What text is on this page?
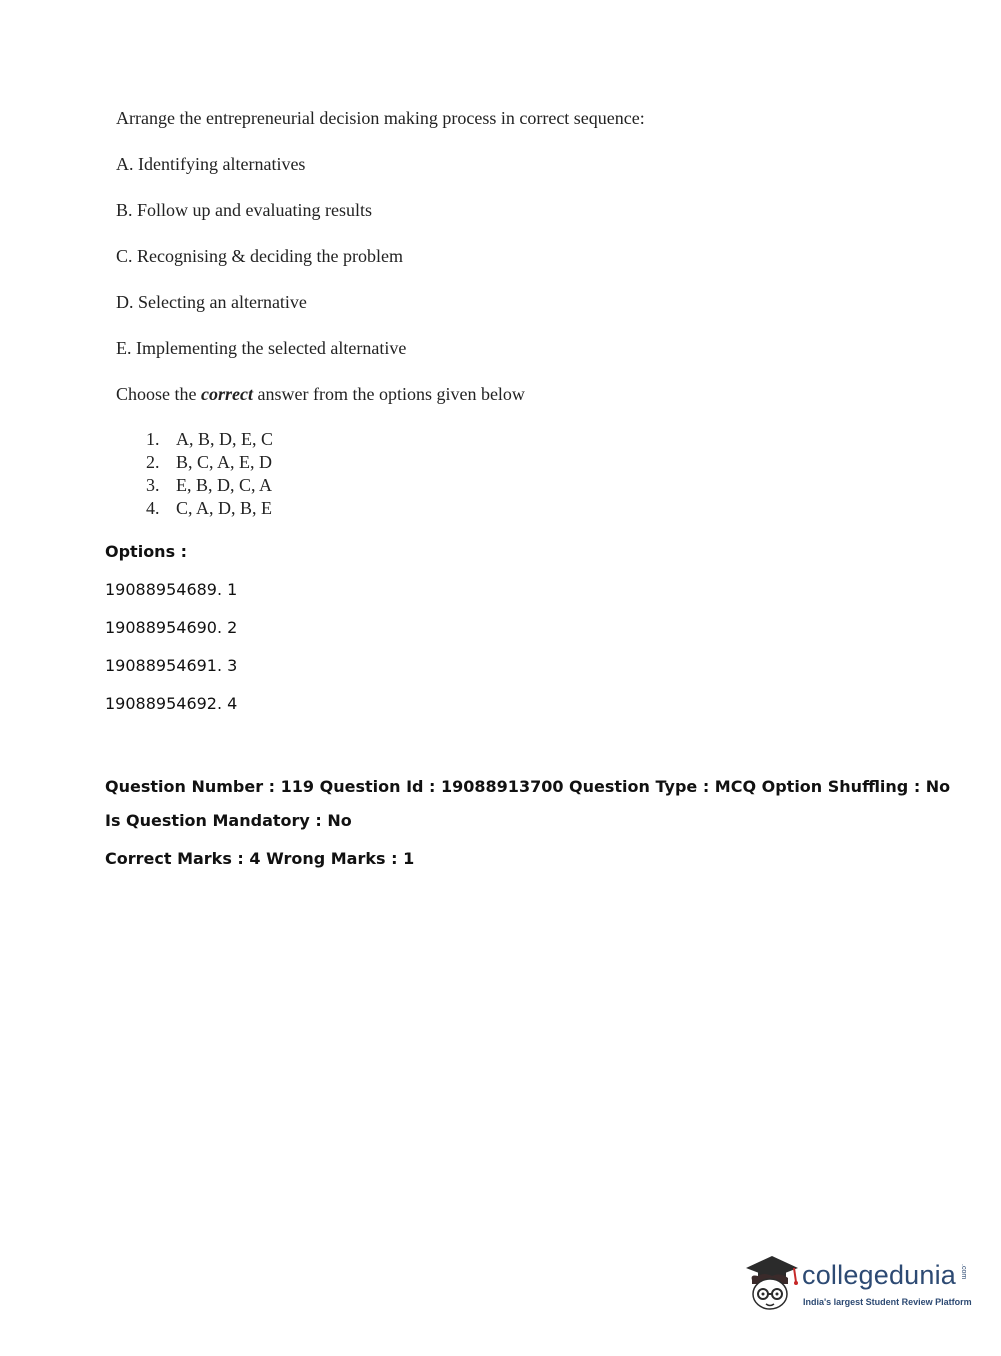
Arrange the entrepreneurial decision making process in correct sequence:
A. Identifying alternatives
B. Follow up and evaluating results
C. Recognising & deciding the problem
D. Selecting an alternative
E. Implementing the selected alternative
Choose the correct answer from the options given below
1. A, B, D, E, C
2. B, C, A, E, D
3. E, B, D, C, A
4. C, A, D, B, E
Options :
19088954689. 1
19088954690. 2
19088954691. 3
19088954692. 4
Question Number : 119 Question Id : 19088913700 Question Type : MCQ Option Shuffling : No
Is Question Mandatory : No
Correct Marks : 4 Wrong Marks : 1
collegedunia .com
India's largest Student Review Platform
